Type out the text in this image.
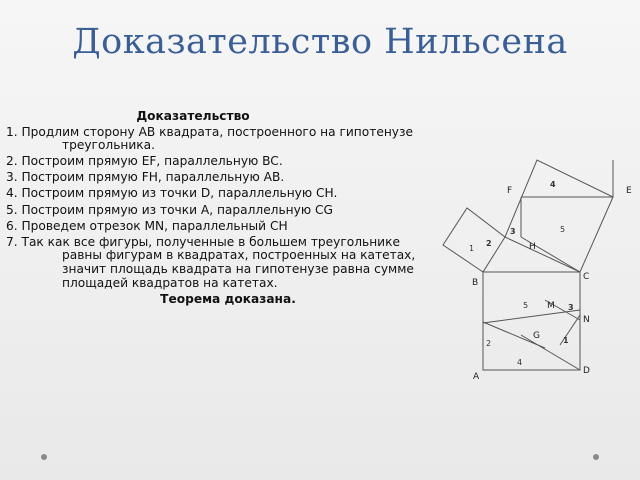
Доказательство Нильсена
Доказательство
1. Продлим сторону АВ квадрата, построенного на гипотенузе треугольника.
2. Построим прямую EF, параллельную BC.
3. Построим прямую FH, параллельную AB.
4. Построим прямую из точки D, параллельную CH.
5. Построим прямую из точки А, параллельную CG
6. Проведем отрезок MN, параллельный CH
7. Так как все фигуры, полученные в большем треугольнике равны фигурам в квадратах, построенных на катетах, значит площадь квадрата на гипотенузе равна сумме площадей квадратов на катетах.
Теорема доказана.
F	E
H
B
C
M
N
G
A
D
4
5
3
1
2
5	3
1
2
4
